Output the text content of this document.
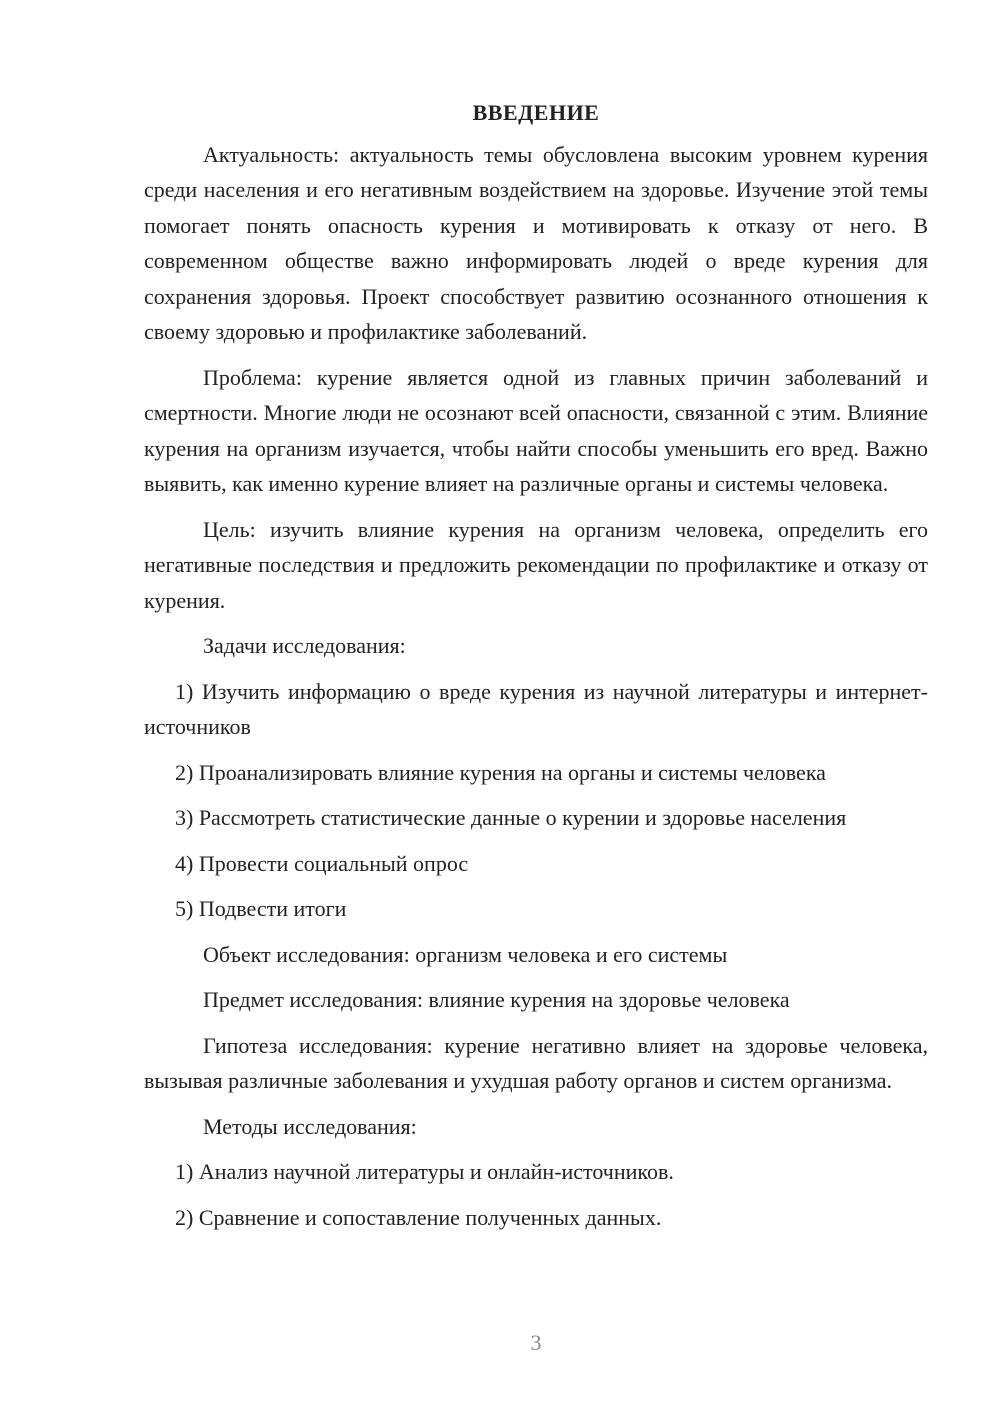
ВВЕДЕНИЕ

Актуальность: актуальность темы обусловлена высоким уровнем курения среди населения и его негативным воздействием на здоровье. Изучение этой темы помогает понять опасность курения и мотивировать к отказу от него. В современном обществе важно информировать людей о вреде курения для сохранения здоровья. Проект способствует развитию осознанного отношения к своему здоровью и профилактике заболеваний.

Проблема: курение является одной из главных причин заболеваний и смертности. Многие люди не осознают всей опасности, связанной с этим. Влияние курения на организм изучается, чтобы найти способы уменьшить его вред. Важно выявить, как именно курение влияет на различные органы и системы человека.

Цель: изучить влияние курения на организм человека, определить его негативные последствия и предложить рекомендации по профилактике и отказу от курения.

Задачи исследования:

1) Изучить информацию о вреде курения из научной литературы и интернет-источников

2) Проанализировать влияние курения на органы и системы человека

3) Рассмотреть статистические данные о курении и здоровье населения

4) Провести социальный опрос

5) Подвести итоги

Объект исследования: организм человека и его системы

Предмет исследования: влияние курения на здоровье человека

Гипотеза исследования: курение негативно влияет на здоровье человека, вызывая различные заболевания и ухудшая работу органов и систем организма.

Методы исследования:

1) Анализ научной литературы и онлайн-источников.

2) Сравнение и сопоставление полученных данных.

3
